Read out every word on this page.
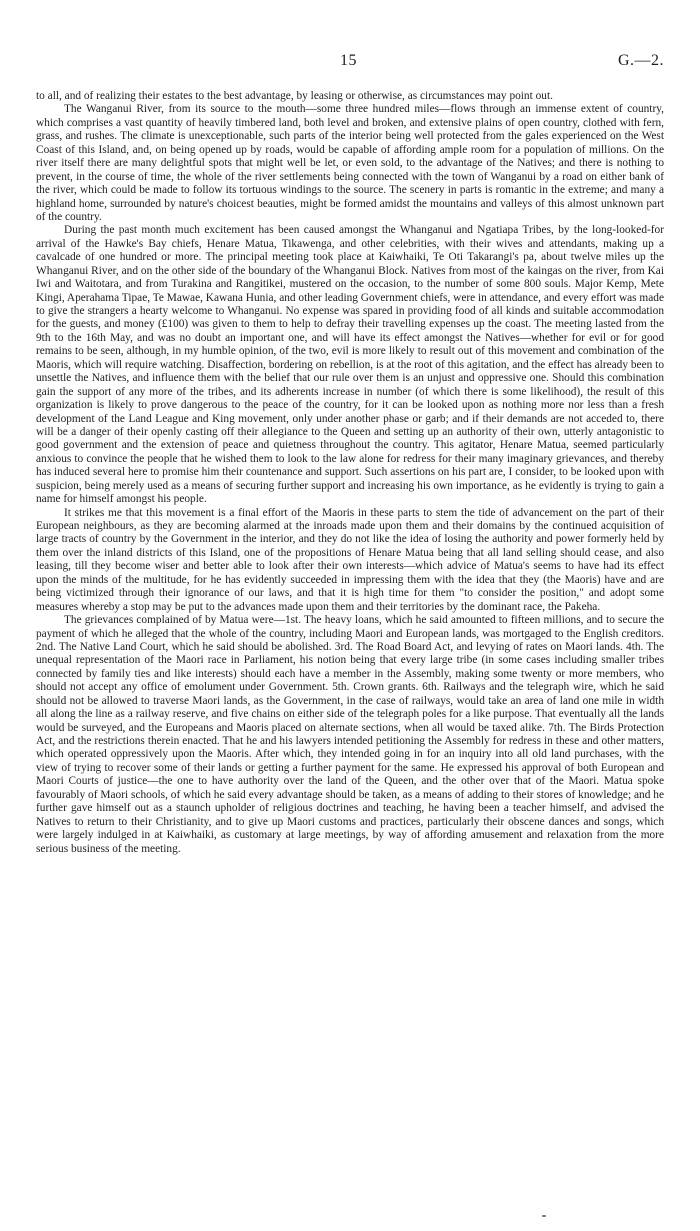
15	G.—2.

to all, and of realizing their estates to the best advantage, by leasing or otherwise, as circumstances may point out.

The Wanganui River, from its source to the mouth—some three hundred miles—flows through an immense extent of country, which comprises a vast quantity of heavily timbered land, both level and broken, and extensive plains of open country, clothed with fern, grass, and rushes. The climate is unexceptionable, such parts of the interior being well protected from the gales experienced on the West Coast of this Island, and, on being opened up by roads, would be capable of affording ample room for a population of millions. On the river itself there are many delightful spots that might well be let, or even sold, to the advantage of the Natives; and there is nothing to prevent, in the course of time, the whole of the river settlements being connected with the town of Wanganui by a road on either bank of the river, which could be made to follow its tortuous windings to the source. The scenery in parts is romantic in the extreme; and many a highland home, surrounded by nature's choicest beauties, might be formed amidst the mountains and valleys of this almost unknown part of the country.

During the past month much excitement has been caused amongst the Whanganui and Ngatiapa Tribes, by the long-looked-for arrival of the Hawke's Bay chiefs, Henare Matua, Tikawenga, and other celebrities, with their wives and attendants, making up a cavalcade of one hundred or more. The principal meeting took place at Kaiwhaiki, Te Oti Takarangi's pa, about twelve miles up the Whanganui River, and on the other side of the boundary of the Whanganui Block. Natives from most of the kaingas on the river, from Kai Iwi and Waitotara, and from Turakina and Rangitikei, mustered on the occasion, to the number of some 800 souls. Major Kemp, Mete Kingi, Aperahama Tipae, Te Mawae, Kawana Hunia, and other leading Government chiefs, were in attendance, and every effort was made to give the strangers a hearty welcome to Whanganui. No expense was spared in providing food of all kinds and suitable accommodation for the guests, and money (£100) was given to them to help to defray their travelling expenses up the coast. The meeting lasted from the 9th to the 16th May, and was no doubt an important one, and will have its effect amongst the Natives—whether for evil or for good remains to be seen, although, in my humble opinion, of the two, evil is more likely to result out of this movement and combination of the Maoris, which will require watching. Disaffection, bordering on rebellion, is at the root of this agitation, and the effect has already been to unsettle the Natives, and influence them with the belief that our rule over them is an unjust and oppressive one. Should this combination gain the support of any more of the tribes, and its adherents increase in number (of which there is some likelihood), the result of this organization is likely to prove dangerous to the peace of the country, for it can be looked upon as nothing more nor less than a fresh development of the Land League and King movement, only under another phase or garb; and if their demands are not acceded to, there will be a danger of their openly casting off their allegiance to the Queen and setting up an authority of their own, utterly antagonistic to good government and the extension of peace and quietness throughout the country. This agitator, Henare Matua, seemed particularly anxious to convince the people that he wished them to look to the law alone for redress for their many imaginary grievances, and thereby has induced several here to promise him their countenance and support. Such assertions on his part are, I consider, to be looked upon with suspicion, being merely used as a means of securing further support and increasing his own importance, as he evidently is trying to gain a name for himself amongst his people.

It strikes me that this movement is a final effort of the Maoris in these parts to stem the tide of advancement on the part of their European neighbours, as they are becoming alarmed at the inroads made upon them and their domains by the continued acquisition of large tracts of country by the Government in the interior, and they do not like the idea of losing the authority and power formerly held by them over the inland districts of this Island, one of the propositions of Henare Matua being that all land selling should cease, and also leasing, till they become wiser and better able to look after their own interests—which advice of Matua's seems to have had its effect upon the minds of the multitude, for he has evidently succeeded in impressing them with the idea that they (the Maoris) have and are being victimized through their ignorance of our laws, and that it is high time for them "to consider the position," and adopt some measures whereby a stop may be put to the advances made upon them and their territories by the dominant race, the Pakeha.

The grievances complained of by Matua were—1st. The heavy loans, which he said amounted to fifteen millions, and to secure the payment of which he alleged that the whole of the country, including Maori and European lands, was mortgaged to the English creditors. 2nd. The Native Land Court, which he said should be abolished. 3rd. The Road Board Act, and levying of rates on Maori lands. 4th. The unequal representation of the Maori race in Parliament, his notion being that every large tribe (in some cases including smaller tribes connected by family ties and like interests) should each have a member in the Assembly, making some twenty or more members, who should not accept any office of emolument under Government. 5th. Crown grants. 6th. Railways and the telegraph wire, which he said should not be allowed to traverse Maori lands, as the Government, in the case of railways, would take an area of land one mile in width all along the line as a railway reserve, and five chains on either side of the telegraph poles for a like purpose. That eventually all the lands would be surveyed, and the Europeans and Maoris placed on alternate sections, when all would be taxed alike. 7th. The Birds Protection Act, and the restrictions therein enacted. That he and his lawyers intended petitioning the Assembly for redress in these and other matters, which operated oppressively upon the Maoris. After which, they intended going in for an inquiry into all old land purchases, with the view of trying to recover some of their lands or getting a further payment for the same. He expressed his approval of both European and Maori Courts of justice—the one to have authority over the land of the Queen, and the other over that of the Maori. Matua spoke favourably of Maori schools, of which he said every advantage should be taken, as a means of adding to their stores of knowledge; and he further gave himself out as a staunch upholder of religious doctrines and teaching, he having been a teacher himself, and advised the Natives to return to their Christianity, and to give up Maori customs and practices, particularly their obscene dances and songs, which were largely indulged in at Kaiwhaiki, as customary at large meetings, by way of affording amusement and relaxation from the more serious business of the meeting.
